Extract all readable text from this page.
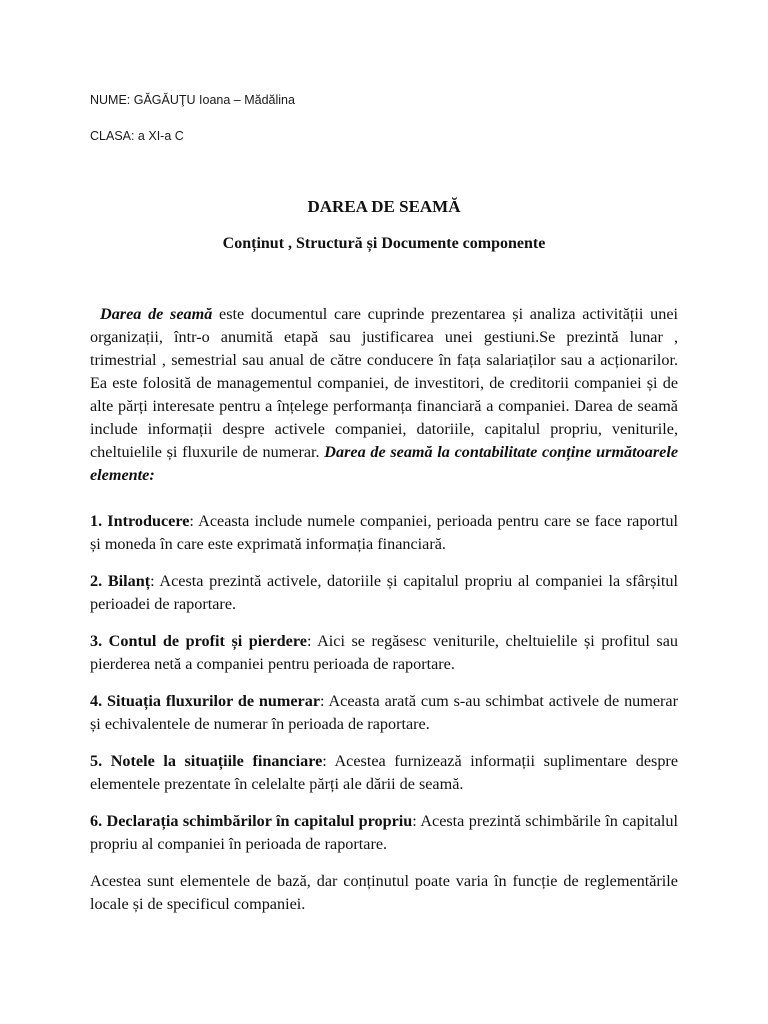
NUME: GĂGĂUŢU Ioana – Mădălina
CLASA: a XI-a C
DAREA DE SEAMĂ
Conținut , Structură și Documente componente
Darea de seamă este documentul care cuprinde prezentarea și analiza activității unei organizații, într-o anumită etapă sau justificarea unei gestiuni.Se prezintă lunar , trimestrial , semestrial sau anual de către conducere în fața salariaților sau a acționarilor. Ea este folosită de managementul companiei, de investitori, de creditorii companiei și de alte părți interesate pentru a înțelege performanța financiară a companiei. Darea de seamă include informații despre activele companiei, datoriile, capitalul propriu, veniturile, cheltuielile și fluxurile de numerar. Darea de seamă la contabilitate conține următoarele elemente:

1. Introducere: Aceasta include numele companiei, perioada pentru care se face raportul și moneda în care este exprimată informația financiară.

2. Bilanț: Acesta prezintă activele, datoriile și capitalul propriu al companiei la sfârșitul perioadei de raportare.

3. Contul de profit și pierdere: Aici se regăsesc veniturile, cheltuielile și profitul sau pierderea netă a companiei pentru perioada de raportare.

4. Situația fluxurilor de numerar: Aceasta arată cum s-au schimbat activele de numerar și echivalentele de numerar în perioada de raportare.

5. Notele la situațiile financiare: Acestea furnizează informații suplimentare despre elementele prezentate în celelalte părți ale dării de seamă.

6. Declarația schimbărilor în capitalul propriu: Acesta prezintă schimbările în capitalul propriu al companiei în perioada de raportare.

Acestea sunt elementele de bază, dar conținutul poate varia în funcție de reglementările locale și de specificul companiei.
